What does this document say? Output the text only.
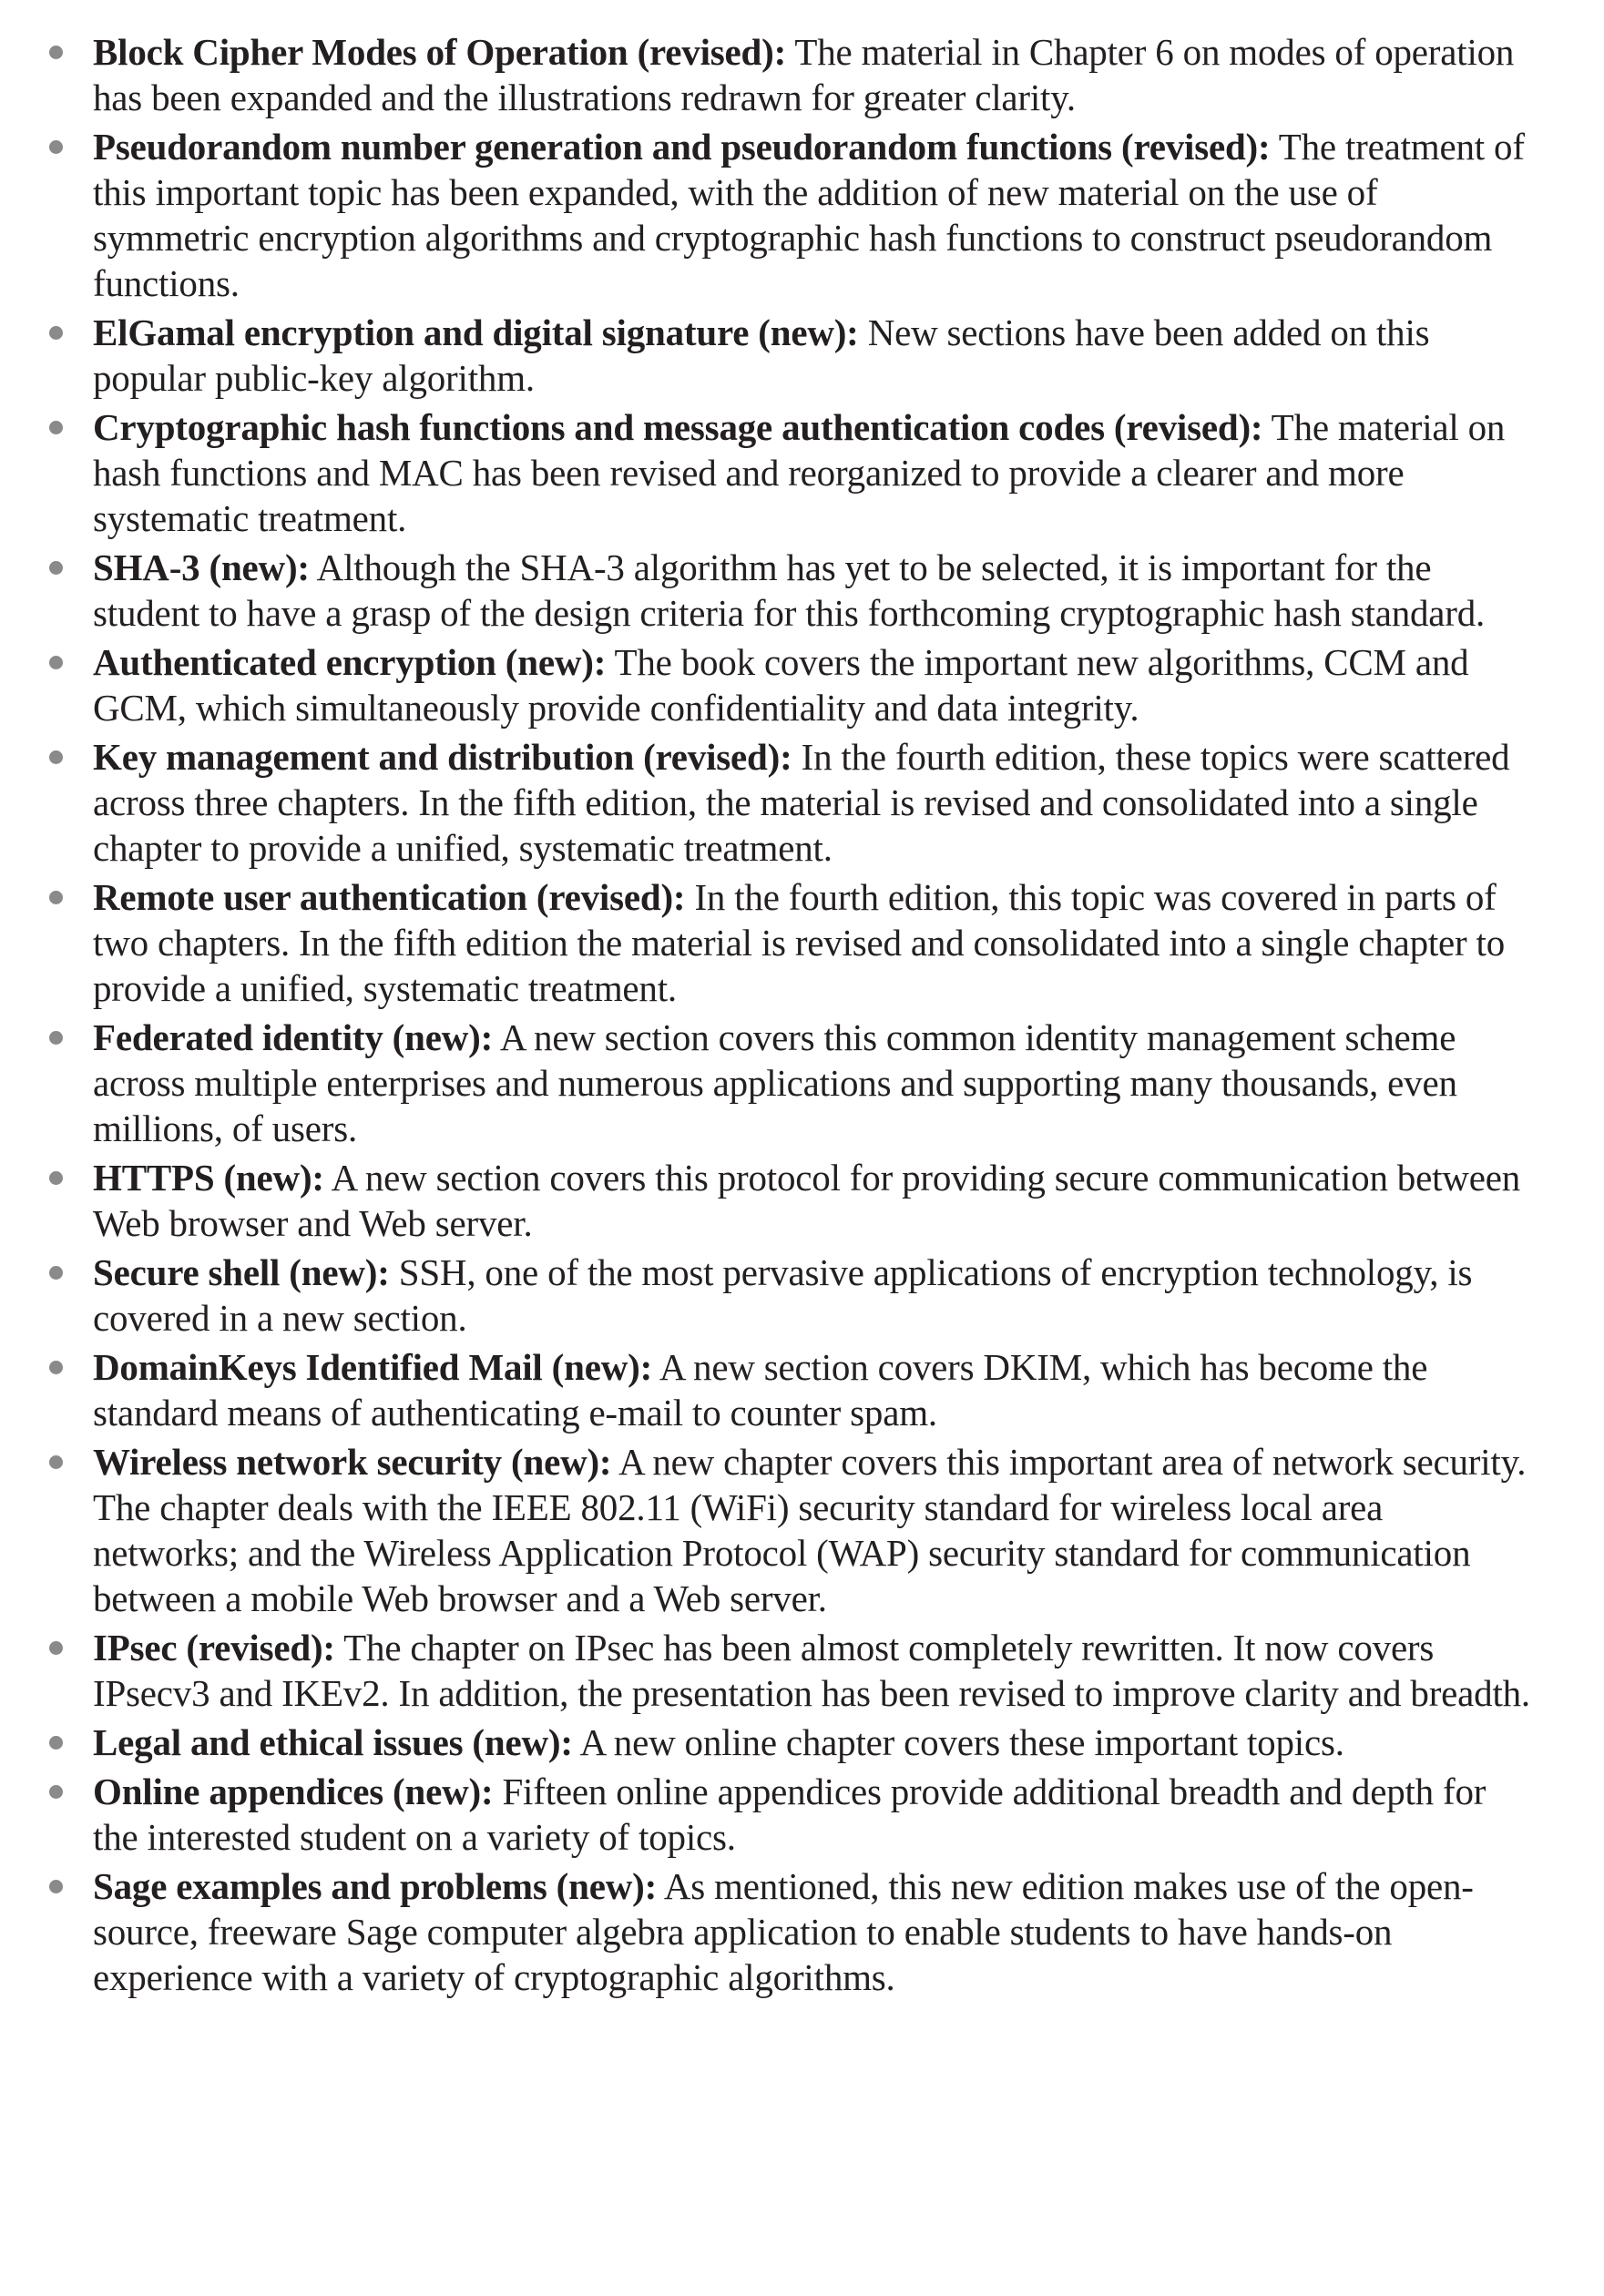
Block Cipher Modes of Operation (revised): The material in Chapter 6 on modes of operation has been expanded and the illustrations redrawn for greater clarity.
Pseudorandom number generation and pseudorandom functions (revised): The treatment of this important topic has been expanded, with the addition of new material on the use of symmetric encryption algorithms and cryptographic hash functions to construct pseudorandom functions.
ElGamal encryption and digital signature (new): New sections have been added on this popular public-key algorithm.
Cryptographic hash functions and message authentication codes (revised): The material on hash functions and MAC has been revised and reorganized to provide a clearer and more systematic treatment.
SHA-3 (new): Although the SHA-3 algorithm has yet to be selected, it is important for the student to have a grasp of the design criteria for this forthcoming cryptographic hash standard.
Authenticated encryption (new): The book covers the important new algorithms, CCM and GCM, which simultaneously provide confidentiality and data integrity.
Key management and distribution (revised): In the fourth edition, these topics were scattered across three chapters. In the fifth edition, the material is revised and consolidated into a single chapter to provide a unified, systematic treatment.
Remote user authentication (revised): In the fourth edition, this topic was covered in parts of two chapters. In the fifth edition the material is revised and consolidated into a single chapter to provide a unified, systematic treatment.
Federated identity (new): A new section covers this common identity management scheme across multiple enterprises and numerous applications and supporting many thousands, even millions, of users.
HTTPS (new): A new section covers this protocol for providing secure communication between Web browser and Web server.
Secure shell (new): SSH, one of the most pervasive applications of encryption technology, is covered in a new section.
DomainKeys Identified Mail (new): A new section covers DKIM, which has become the standard means of authenticating e-mail to counter spam.
Wireless network security (new): A new chapter covers this important area of network security. The chapter deals with the IEEE 802.11 (WiFi) security standard for wireless local area networks; and the Wireless Application Protocol (WAP) security standard for communication between a mobile Web browser and a Web server.
IPsec (revised): The chapter on IPsec has been almost completely rewritten. It now covers IPsecv3 and IKEv2. In addition, the presentation has been revised to improve clarity and breadth.
Legal and ethical issues (new): A new online chapter covers these important topics.
Online appendices (new): Fifteen online appendices provide additional breadth and depth for the interested student on a variety of topics.
Sage examples and problems (new): As mentioned, this new edition makes use of the open-source, freeware Sage computer algebra application to enable students to have hands-on experience with a variety of cryptographic algorithms.
